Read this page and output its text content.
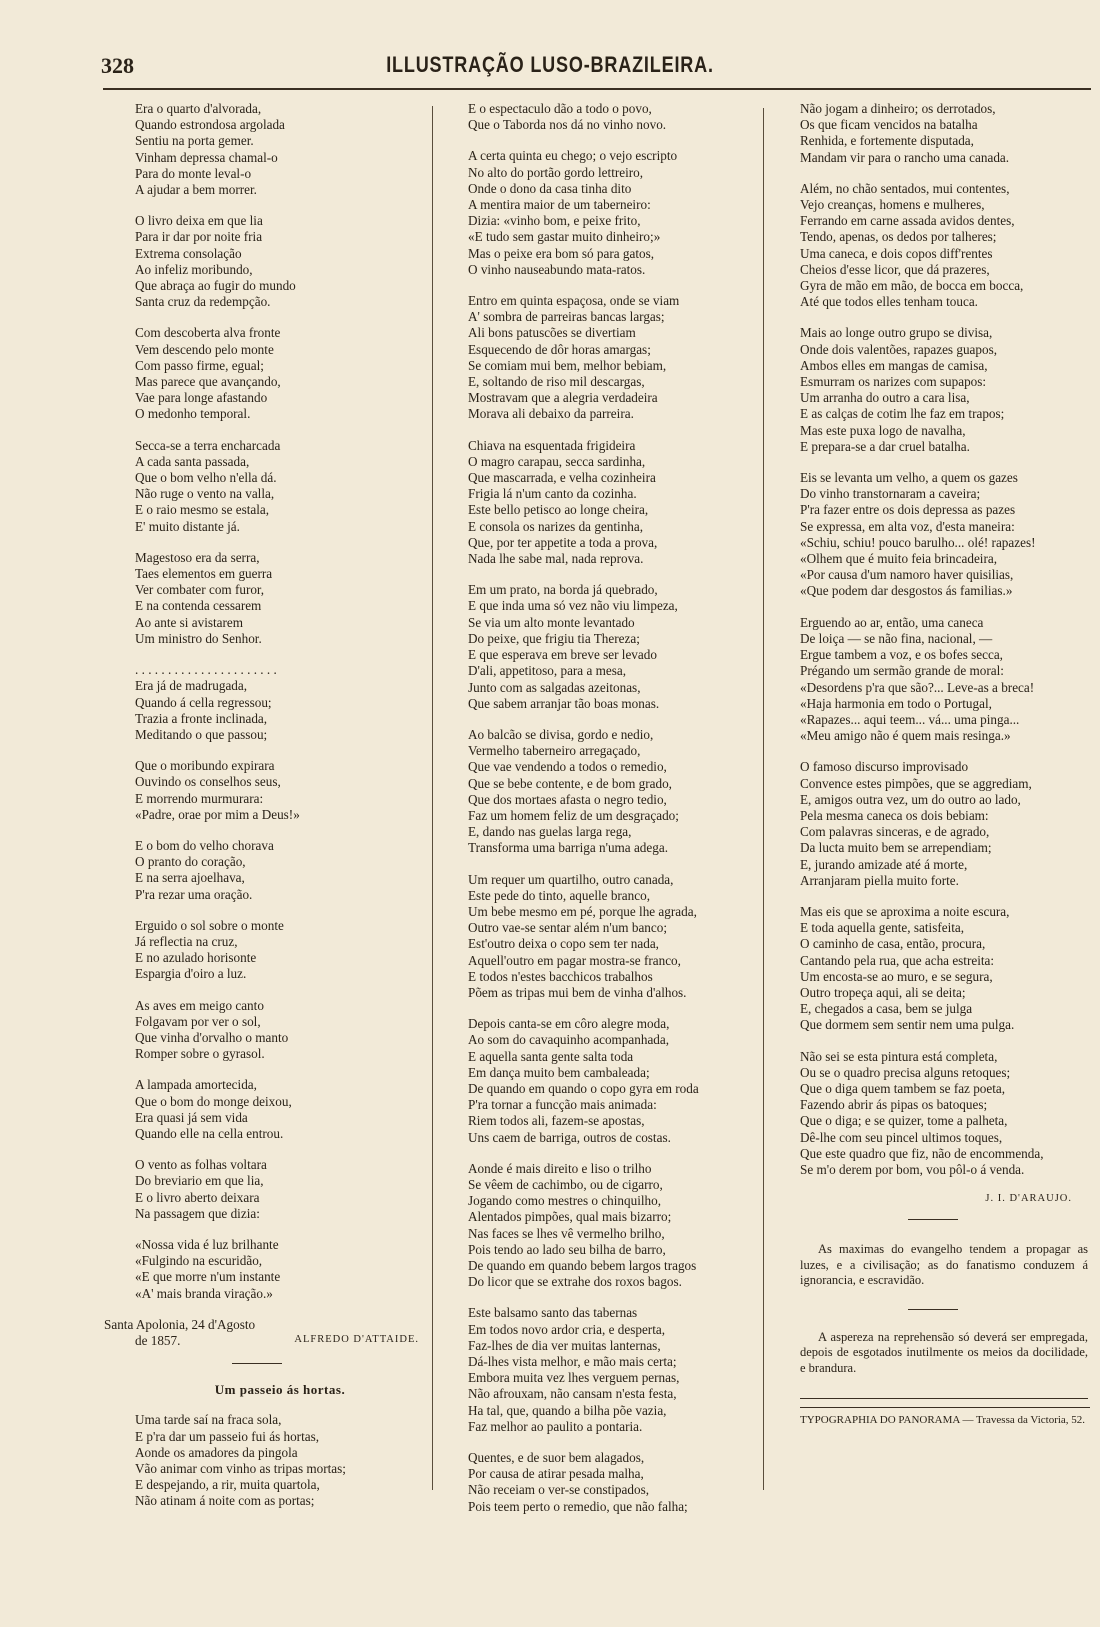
328	ILLUSTRAÇÃO LUSO-BRAZILEIRA.
Era o quarto d'alvorada,
Quando estrondosa argolada
Sentiu na porta gemer.
Vinham depressa chamal-o
Para do monte leval-o
A ajudar a bem morrer.
O livro deixa em que lia
Para ir dar por noite fria
Extrema consolação
Ao infeliz moribundo,
Que abraça ao fugir do mundo
Santa cruz da redempção.
Com descoberta alva fronte
Vem descendo pelo monte
Com passo firme, egual;
Mas parece que avançando,
Vae para longe afastando
O medonho temporal.
Secca-se a terra encharcada
A cada santa passada,
Que o bom velho n'ella dá.
Não ruge o vento na valla,
E o raio mesmo se estala,
E' muito distante já.
Magestoso era da serra,
Taes elementos em guerra
Ver combater com furor,
E na contenda cessarem
Ao ante si avistarem
Um ministro do Senhor.
. . . . . . . . . . . . . . . . . . . . . .
Era já de madrugada,
Quando á cella regressou;
Trazia a fronte inclinada,
Meditando o que passou;
Que o moribundo expirara
Ouvindo os conselhos seus,
E morrendo murmurara:
«Padre, orae por mim a Deus!»
E o bom do velho chorava
O pranto do coração,
E na serra ajoelhava,
P'ra rezar uma oração.
Erguido o sol sobre o monte
Já reflectia na cruz,
E no azulado horisonte
Espargia d'oiro a luz.
As aves em meigo canto
Folgavam por ver o sol,
Que vinha d'orvalho o manto
Romper sobre o gyrasol.
A lampada amortecida,
Que o bom do monge deixou,
Era quasi já sem vida
Quando elle na cella entrou.
O vento as folhas voltara
Do breviario em que lia,
E o livro aberto deixara
Na passagem que dizia:
«Nossa vida é luz brilhante
«Fulgindo na escuridão,
«E que morre n'um instante
«A' mais branda viração.»
Santa Apolonia, 24 d'Agosto
de 1857.	ALFREDO D'ATTAIDE.
Um passeio ás hortas.
Uma tarde saí na fraca sola,
E p'ra dar um passeio fui ás hortas,
Aonde os amadores da pingola
Vão animar com vinho as tripas mortas;
E despejando, a rir, muita quartola,
Não atinam á noite com as portas;
E o espectaculo dão a todo o povo,
Que o Taborda nos dá no vinho novo.
A certa quinta eu chego; o vejo escripto
No alto do portão gordo lettreiro,
Onde o dono da casa tinha dito
A mentira maior de um taberneiro:
Dizia: «vinho bom, e peixe frito,
«E tudo sem gastar muito dinheiro;»
Mas o peixe era bom só para gatos,
O vinho nauseabundo mata-ratos.
Entro em quinta espaçosa, onde se viam
A' sombra de parreiras bancas largas;
Ali bons patuscões se divertiam
Esquecendo de dôr horas amargas;
Se comiam mui bem, melhor bebiam,
E, soltando de riso mil descargas,
Mostravam que a alegria verdadeira
Morava ali debaixo da parreira.
Chiava na esquentada frigideira
O magro carapau, secca sardinha,
Que mascarrada, e velha cozinheira
Frigia lá n'um canto da cozinha.
Este bello petisco ao longe cheira,
E consola os narizes da gentinha,
Que, por ter appetite a toda a prova,
Nada lhe sabe mal, nada reprova.
Em um prato, na borda já quebrado,
E que inda uma só vez não viu limpeza,
Se via um alto monte levantado
Do peixe, que frigiu tia Thereza;
E que esperava em breve ser levado
D'ali, appetitoso, para a mesa,
Junto com as salgadas azeitonas,
Que sabem arranjar tão boas monas.
Ao balcão se divisa, gordo e nedio,
Vermelho taberneiro arregaçado,
Que vae vendendo a todos o remedio,
Que se bebe contente, e de bom grado,
Que dos mortaes afasta o negro tedio,
Faz um homem feliz de um desgraçado;
E, dando nas guelas larga rega,
Transforma uma barriga n'uma adega.
Um requer um quartilho, outro canada,
Este pede do tinto, aquelle branco,
Um bebe mesmo em pé, porque lhe agrada,
Outro vae-se sentar além n'um banco;
Est'outro deixa o copo sem ter nada,
Aquell'outro em pagar mostra-se franco,
E todos n'estes bacchicos trabalhos
Põem as tripas mui bem de vinha d'alhos.
Depois canta-se em côro alegre moda,
Ao som do cavaquinho acompanhada,
E aquella santa gente salta toda
Em dança muito bem cambaleada;
De quando em quando o copo gyra em roda
P'ra tornar a funcção mais animada:
Riem todos ali, fazem-se apostas,
Uns caem de barriga, outros de costas.
Aonde é mais direito e liso o trilho
Se vêem de cachimbo, ou de cigarro,
Jogando como mestres o chinquilho,
Alentados pimpões, qual mais bizarro;
Nas faces se lhes vê vermelho brilho,
Pois tendo ao lado seu bilha de barro,
De quando em quando bebem largos tragos
Do licor que se extrahe dos roxos bagos.
Este balsamo santo das tabernas
Em todos novo ardor cria, e desperta,
Faz-lhes de dia ver muitas lanternas,
Dá-lhes vista melhor, e mão mais certa;
Embora muita vez lhes verguem pernas,
Não afrouxam, não cansam n'esta festa,
Ha tal, que, quando a bilha põe vazia,
Faz melhor ao paulito a pontaria.
Quentes, e de suor bem alagados,
Por causa de atirar pesada malha,
Não receiam o ver-se constipados,
Pois teem perto o remedio, que não falha;
Não jogam a dinheiro; os derrotados,
Os que ficam vencidos na batalha
Renhida, e fortemente disputada,
Mandam vir para o rancho uma canada.
Além, no chão sentados, mui contentes,
Vejo creanças, homens e mulheres,
Ferrando em carne assada avidos dentes,
Tendo, apenas, os dedos por talheres;
Uma caneca, e dois copos diff'rentes
Cheios d'esse licor, que dá prazeres,
Gyra de mão em mão, de bocca em bocca,
Até que todos elles tenham touca.
Mais ao longe outro grupo se divisa,
Onde dois valentões, rapazes guapos,
Ambos elles em mangas de camisa,
Esmurram os narizes com supapos:
Um arranha do outro a cara lisa,
E as calças de cotim lhe faz em trapos;
Mas este puxa logo de navalha,
E prepara-se a dar cruel batalha.
Eis se levanta um velho, a quem os gazes
Do vinho transtornaram a caveira;
P'ra fazer entre os dois depressa as pazes
Se expressa, em alta voz, d'esta maneira:
«Schiu, schiu! pouco barulho... olé! rapazes!
«Olhem que é muito feia brincadeira,
«Por causa d'um namoro haver quisilias,
«Que podem dar desgostos ás familias.»
Erguendo ao ar, então, uma caneca
De loiça — se não fina, nacional, —
Ergue tambem a voz, e os bofes secca,
Prégando um sermão grande de moral:
«Desordens p'ra que são?... Leve-as a breca!
«Haja harmonia em todo o Portugal,
«Rapazes... aqui teem... vá... uma pinga...
«Meu amigo não é quem mais resinga.»
O famoso discurso improvisado
Convence estes pimpões, que se aggrediam,
E, amigos outra vez, um do outro ao lado,
Pela mesma caneca os dois bebiam:
Com palavras sinceras, e de agrado,
Da lucta muito bem se arrependiam;
E, jurando amizade até á morte,
Arranjaram piella muito forte.
Mas eis que se aproxima a noite escura,
E toda aquella gente, satisfeita,
O caminho de casa, então, procura,
Cantando pela rua, que acha estreita:
Um encosta-se ao muro, e se segura,
Outro tropeça aqui, ali se deita;
E, chegados a casa, bem se julga
Que dormem sem sentir nem uma pulga.
Não sei se esta pintura está completa,
Ou se o quadro precisa alguns retoques;
Que o diga quem tambem se faz poeta,
Fazendo abrir ás pipas os batoques;
Que o diga; e se quizer, tome a palheta,
Dê-lhe com seu pincel ultimos toques,
Que este quadro que fiz, não de encommenda,
Se m'o derem por bom, vou pôl-o á venda.
J. I. D'ARAUJO.
As maximas do evangelho tendem a propagar as luzes, e a civilisação; as do fanatismo conduzem á ignorancia, e escravidão.
A aspereza na reprehensão só deverá ser empregada, depois de esgotados inutilmente os meios da docilidade, e brandura.
TYPOGRAPHIA DO PANORAMA — Travessa da Victoria, 52.
